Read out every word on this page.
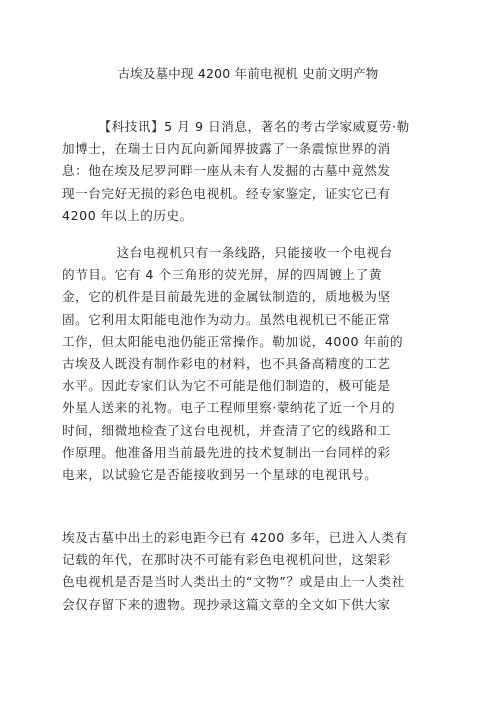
古埃及墓中现 4200 年前电视机 史前文明产物

【科技讯】5 月 9 日消息，著名的考古学家威夏劳·勒
加博士，在瑞士日内瓦向新闻界披露了一条震惊世界的消
息：他在埃及尼罗河畔一座从未有人发掘的古墓中竟然发
现一台完好无损的彩色电视机。经专家鉴定，证实它已有
4200 年以上的历史。

这台电视机只有一条线路，只能接收一个电视台
的节目。它有 4 个三角形的荧光屏，屏的四周镀上了黄
金，它的机件是目前最先进的金属钛制造的，质地极为坚
固。它利用太阳能电池作为动力。虽然电视机已不能正常
工作，但太阳能电池仍能正常操作。勒加说，4000 年前的
古埃及人既没有制作彩电的材料，也不具备高精度的工艺
水平。因此专家们认为它不可能是他们制造的，极可能是
外星人送来的礼物。电子工程师里察·蒙纳花了近一个月的
时间，细微地检查了这台电视机，并查清了它的线路和工
作原理。他准备用当前最先进的技术复制出一台同样的彩
电来，以试验它是否能接收到另一个星球的电视讯号。

埃及古墓中出土的彩电距今已有 4200 多年，已进入人类有
记载的年代，在那时决不可能有彩色电视机问世，这架彩
色电视机是否是当时人类出土的“文物”？或是由上一人类社
会仅存留下来的遗物。现抄录这篇文章的全文如下供大家
